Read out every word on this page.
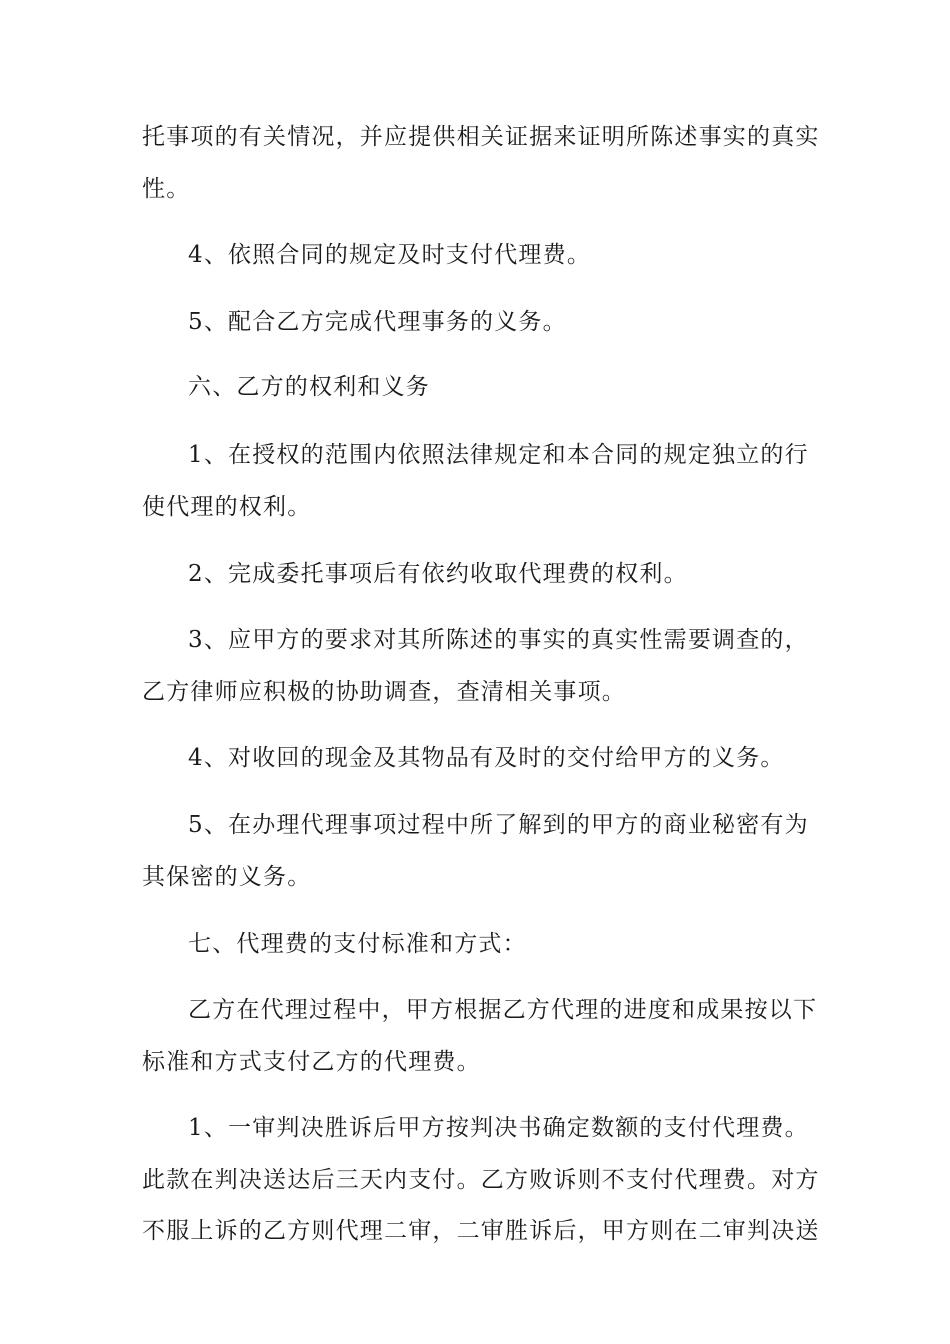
托事项的有关情况，并应提供相关证据来证明所陈述事实的真实
性。
4、依照合同的规定及时支付代理费。
5、配合乙方完成代理事务的义务。
六、乙方的权利和义务
1、在授权的范围内依照法律规定和本合同的规定独立的行
使代理的权利。
2、完成委托事项后有依约收取代理费的权利。
3、应甲方的要求对其所陈述的事实的真实性需要调查的，
乙方律师应积极的协助调查，查清相关事项。
4、对收回的现金及其物品有及时的交付给甲方的义务。
5、在办理代理事项过程中所了解到的甲方的商业秘密有为
其保密的义务。
七、代理费的支付标准和方式：
乙方在代理过程中，甲方根据乙方代理的进度和成果按以下
标准和方式支付乙方的代理费。
1、一审判决胜诉后甲方按判决书确定数额的支付代理费。
此款在判决送达后三天内支付。乙方败诉则不支付代理费。对方
不服上诉的乙方则代理二审，二审胜诉后，甲方则在二审判决送
